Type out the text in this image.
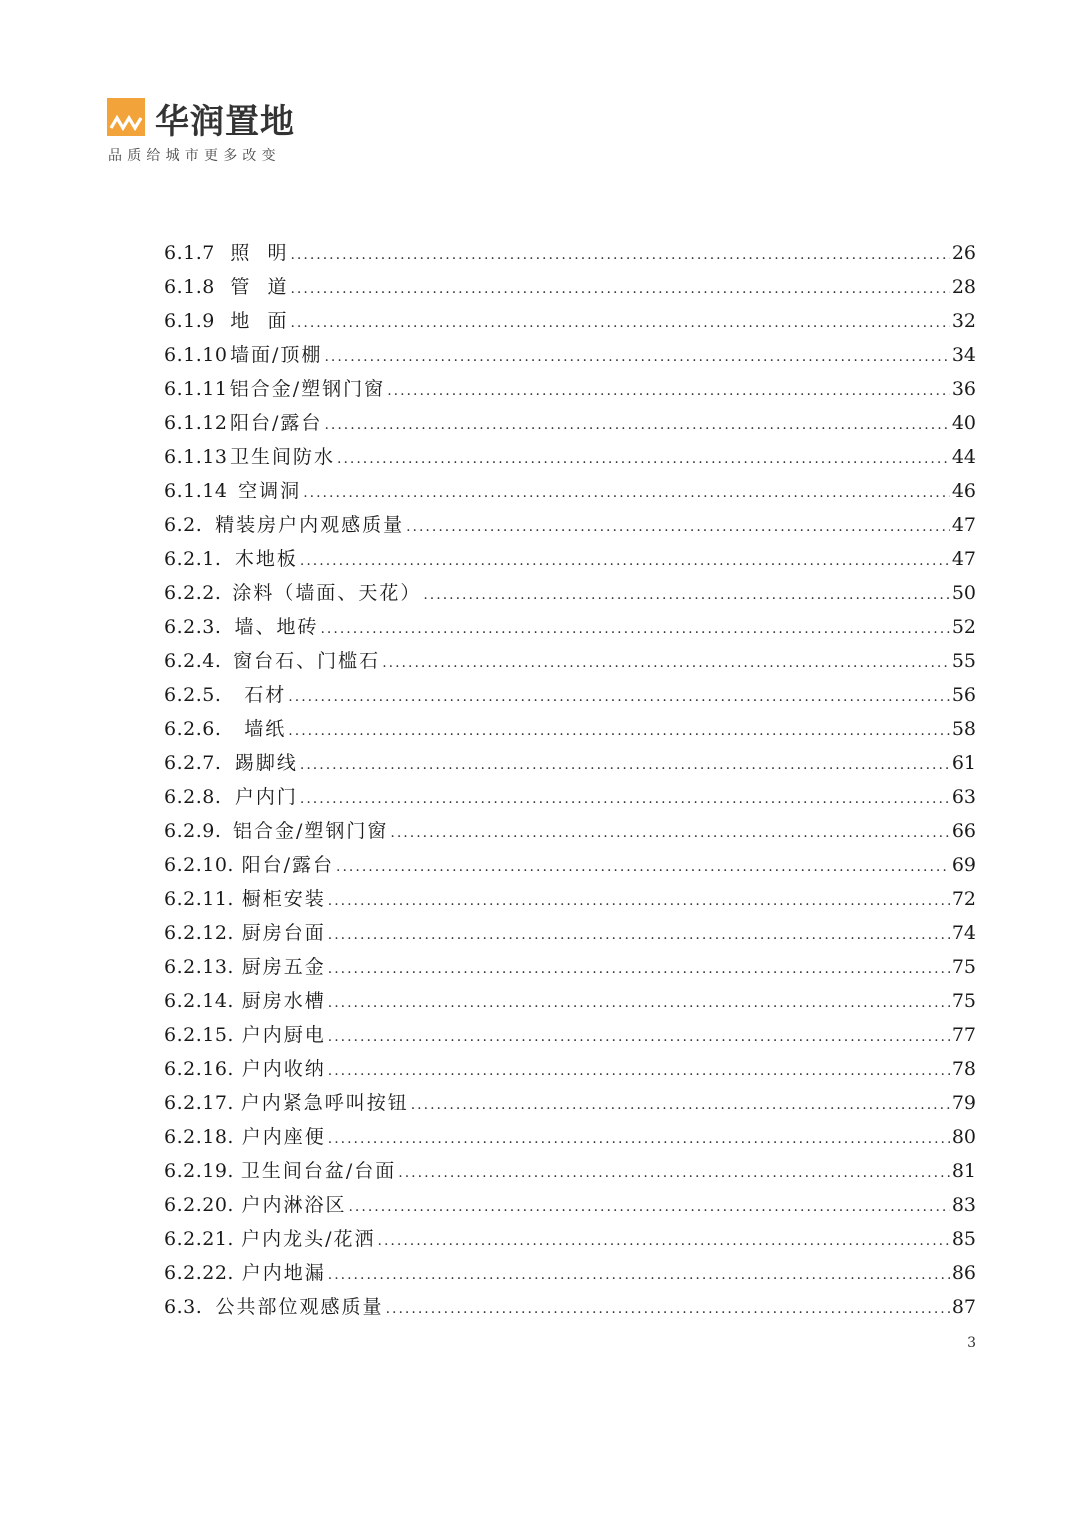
华润置地
品质给城市更多改变
6.1.7 照  明 .....	26
6.1.8 管  道 .....	28
6.1.9 地  面 .....	32
6.1.10 墙面/顶棚 .....	34
6.1.11 铝合金/塑钢门窗 .....	36
6.1.12 阳台/露台 .....	40
6.1.13 卫生间防水 .....	44
6.1.14 空调洞 .....	46
6.2. 精装房户内观感质量 .....	47
6.2.1. 木地板 .....	47
6.2.2. 涂料（墙面、天花） .....	50
6.2.3. 墙、地砖 .....	52
6.2.4. 窗台石、门槛石 .....	55
6.2.5. 石材 .....	56
6.2.6. 墙纸 .....	58
6.2.7. 踢脚线 .....	61
6.2.8. 户内门 .....	63
6.2.9. 铝合金/塑钢门窗 .....	66
6.2.10. 阳台/露台 .....	69
6.2.11. 橱柜安装 .....	72
6.2.12. 厨房台面 .....	74
6.2.13. 厨房五金 .....	75
6.2.14. 厨房水槽 .....	75
6.2.15. 户内厨电 .....	77
6.2.16. 户内收纳 .....	78
6.2.17. 户内紧急呼叫按钮 .....	79
6.2.18. 户内座便 .....	80
6.2.19. 卫生间台盆/台面 .....	81
6.2.20. 户内淋浴区 .....	83
6.2.21. 户内龙头/花洒 .....	85
6.2.22. 户内地漏 .....	86
6.3. 公共部位观感质量 .....	87
3
